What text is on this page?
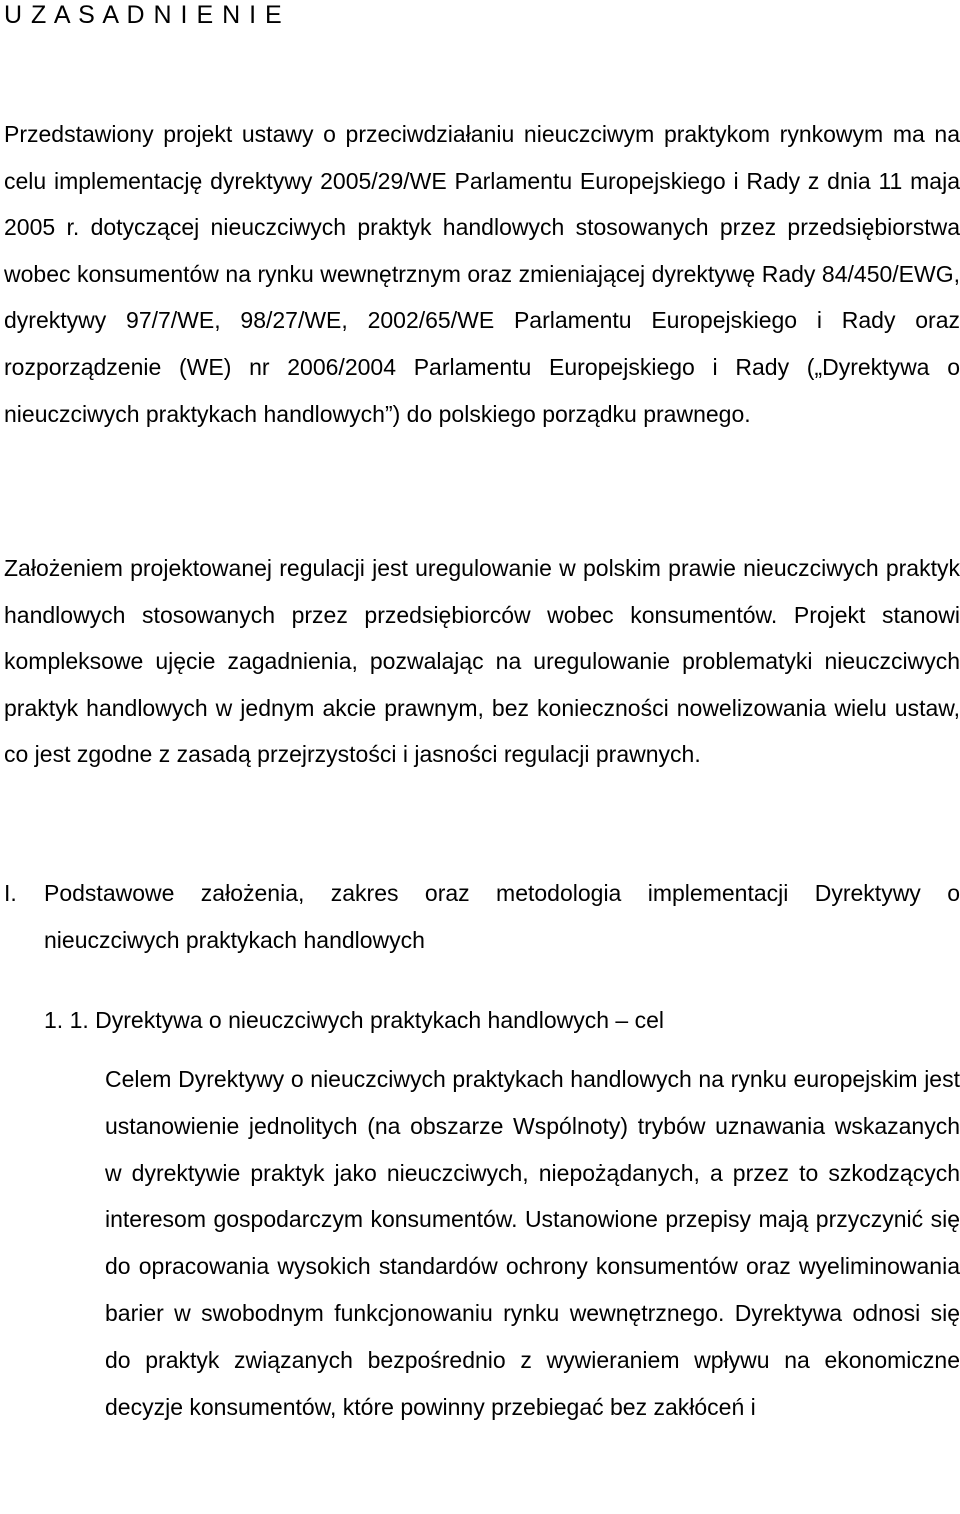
U Z A S A D N I E N I E
Przedstawiony projekt ustawy o przeciwdziałaniu nieuczciwym praktykom rynkowym ma na celu implementację dyrektywy 2005/29/WE Parlamentu Europejskiego i Rady z dnia 11 maja 2005 r. dotyczącej nieuczciwych praktyk handlowych stosowanych przez przedsiębiorstwa wobec konsumentów na rynku wewnętrznym oraz zmieniającej dyrektywę Rady 84/450/EWG, dyrektywy 97/7/WE, 98/27/WE, 2002/65/WE Parlamentu Europejskiego i Rady oraz rozporządzenie (WE) nr 2006/2004 Parlamentu Europejskiego i Rady („Dyrektywa o nieuczciwych praktykach handlowych”) do polskiego porządku prawnego.
Założeniem projektowanej regulacji jest uregulowanie w polskim prawie nieuczciwych praktyk handlowych stosowanych przez przedsiębiorców wobec konsumentów. Projekt stanowi kompleksowe ujęcie zagadnienia, pozwalając na uregulowanie problematyki nieuczciwych praktyk handlowych w jednym akcie prawnym, bez konieczności nowelizowania wielu ustaw, co jest zgodne z zasadą przejrzystości i jasności regulacji prawnych.
I. Podstawowe założenia, zakres oraz metodologia implementacji Dyrektywy o nieuczciwych praktykach handlowych
1. 1. Dyrektywa o nieuczciwych praktykach handlowych – cel
Celem Dyrektywy o nieuczciwych praktykach handlowych na rynku europejskim jest ustanowienie jednolitych (na obszarze Wspólnoty) trybów uznawania wskazanych w dyrektywie praktyk jako nieuczciwych, niepożądanych, a przez to szkodzących interesom gospodarczym konsumentów. Ustanowione przepisy mają przyczynić się do opracowania wysokich standardów ochrony konsumentów oraz wyeliminowania barier w swobodnym funkcjonowaniu rynku wewnętrznego. Dyrektywa odnosi się do praktyk związanych bezpośrednio z wywieraniem wpływu na ekonomiczne decyzje konsumentów, które powinny przebiegać bez zakłóceń i
